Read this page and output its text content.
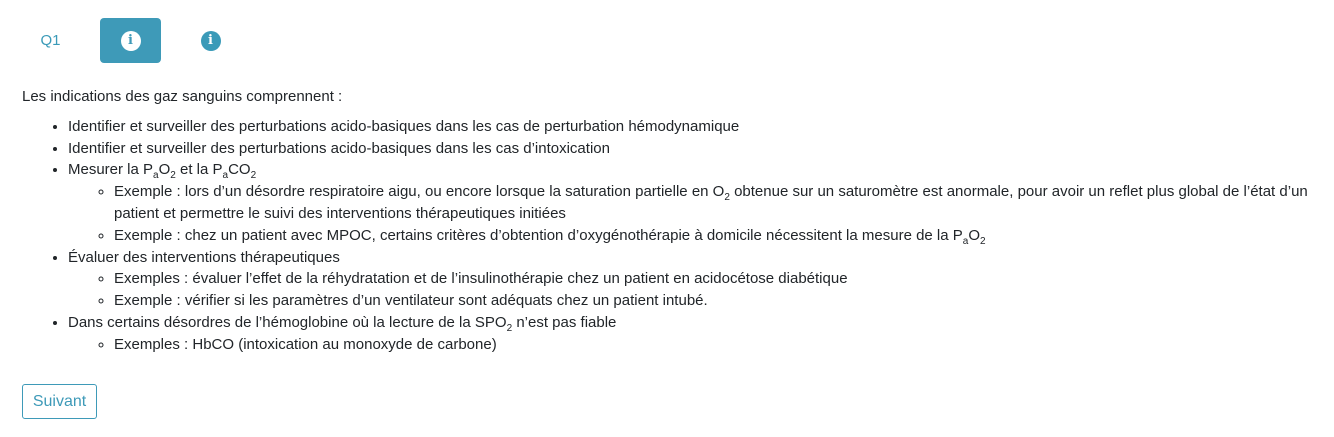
Q1	i	i

Les indications des gaz sanguins comprennent :

• Identifier et surveiller des perturbations acido-basiques dans les cas de perturbation hémodynamique
• Identifier et surveiller des perturbations acido-basiques dans les cas d’intoxication
• Mesurer la $P_aO_2$ et la $P_aCO_2$
◦ Exemple : lors d’un désordre respiratoire aigu, ou encore lorsque la saturation partielle en $O_2$ obtenue sur un saturomètre est anormale, pour avoir un reflet plus global de l’état d’un patient et permettre le suivi des interventions thérapeutiques initiées
◦ Exemple : chez un patient avec MPOC, certains critères d’obtention d’oxygénothérapie à domicile nécessitent la mesure de la $P_aO_2$
• Évaluer des interventions thérapeutiques
◦ Exemples : évaluer l’effet de la réhydratation et de l’insulinothérapie chez un patient en acidocétose diabétique
◦ Exemple : vérifier si les paramètres d’un ventilateur sont adéquats chez un patient intubé.
• Dans certains désordres de l’hémoglobine où la lecture de la $SPO_2$ n’est pas fiable
◦ Exemples : HbCO (intoxication au monoxyde de carbone)
Suivant
